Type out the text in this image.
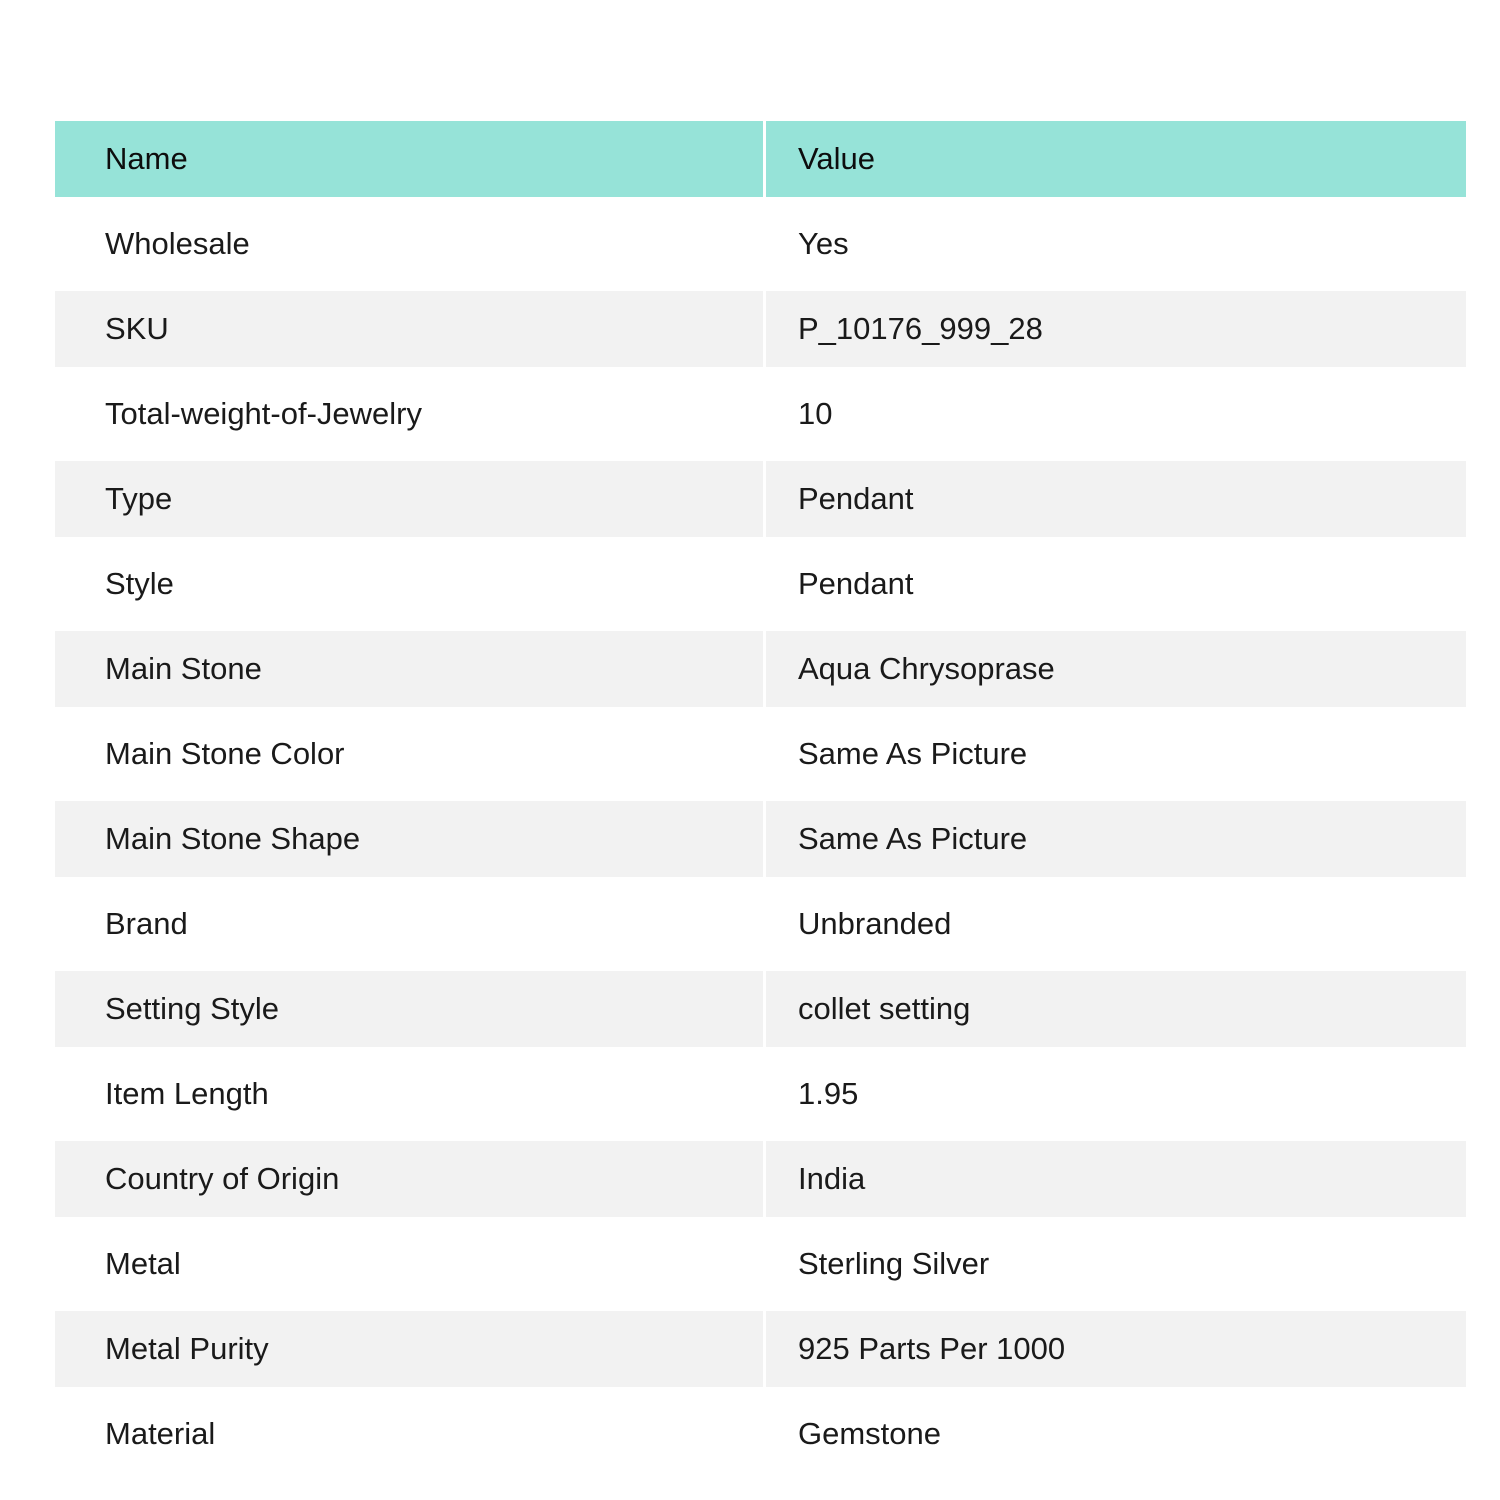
Name	Value
Wholesale	Yes
SKU	P_10176_999_28
Total-weight-of-Jewelry	10
Type	Pendant
Style	Pendant
Main Stone	Aqua Chrysoprase
Main Stone Color	Same As Picture
Main Stone Shape	Same As Picture
Brand	Unbranded
Setting Style	collet setting
Item Length	1.95
Country of Origin	India
Metal	Sterling Silver
Metal Purity	925 Parts Per 1000
Material	Gemstone
